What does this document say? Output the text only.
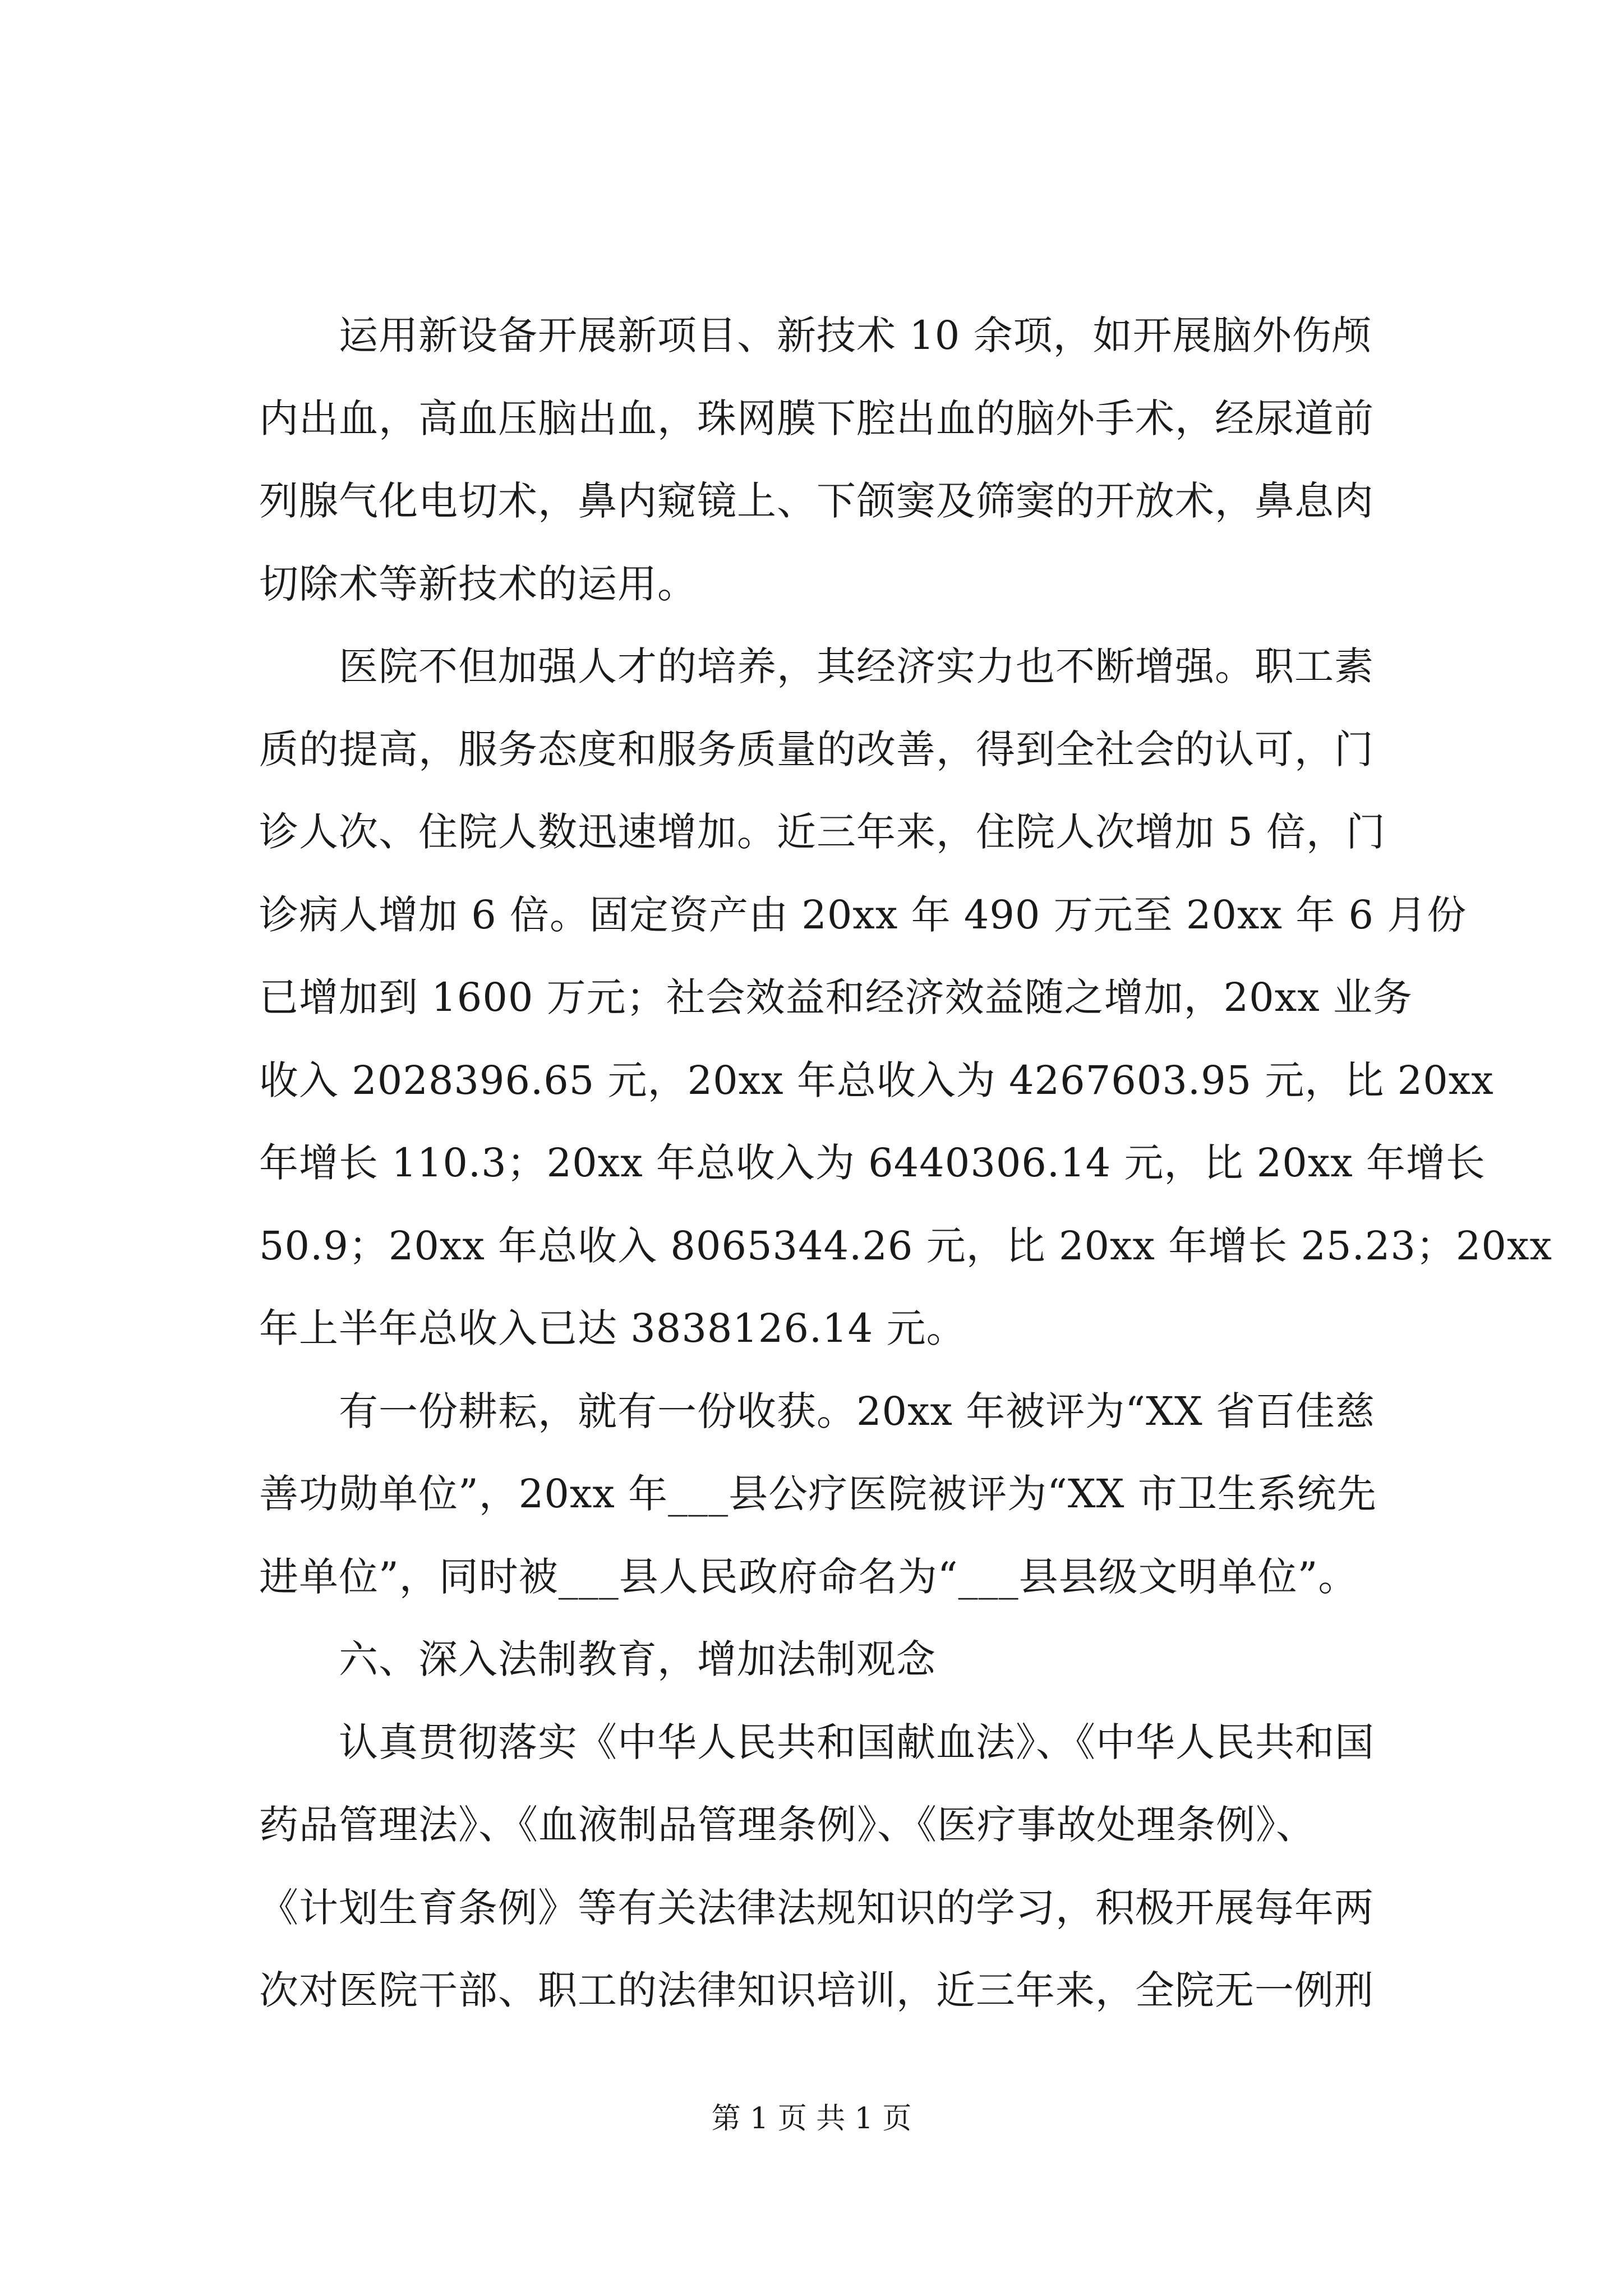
运用新设备开展新项目、新技术 10 余项，如开展脑外伤颅
内出血，高血压脑出血，珠网膜下腔出血的脑外手术，经尿道前
列腺气化电切术，鼻内窥镜上、下颌窦及筛窦的开放术，鼻息肉
切除术等新技术的运用。
医院不但加强人才的培养，其经济实力也不断增强。职工素
质的提高，服务态度和服务质量的改善，得到全社会的认可，门
诊人次、住院人数迅速增加。近三年来，住院人次增加 5 倍，门
诊病人增加 6 倍。固定资产由 20xx 年 490 万元至 20xx 年 6 月份
已增加到 1600 万元；社会效益和经济效益随之增加，20xx 业务
收入 2028396.65 元，20xx 年总收入为 4267603.95 元，比 20xx
年增长 110.3；20xx 年总收入为 6440306.14 元，比 20xx 年增长
50.9；20xx 年总收入 8065344.26 元，比 20xx 年增长 25.23；20xx
年上半年总收入已达 3838126.14 元。
有一份耕耘，就有一份收获。20xx 年被评为“XX 省百佳慈
善功勋单位”，20xx 年___县公疗医院被评为“XX 市卫生系统先
进单位”，同时被___县人民政府命名为“___县县级文明单位”。
六、深入法制教育，增加法制观念
认真贯彻落实《中华人民共和国献血法》、《中华人民共和国
药品管理法》、《血液制品管理条例》、《医疗事故处理条例》、
《计划生育条例》等有关法律法规知识的学习，积极开展每年两
次对医院干部、职工的法律知识培训，近三年来，全院无一例刑
第 1 页 共 1 页
